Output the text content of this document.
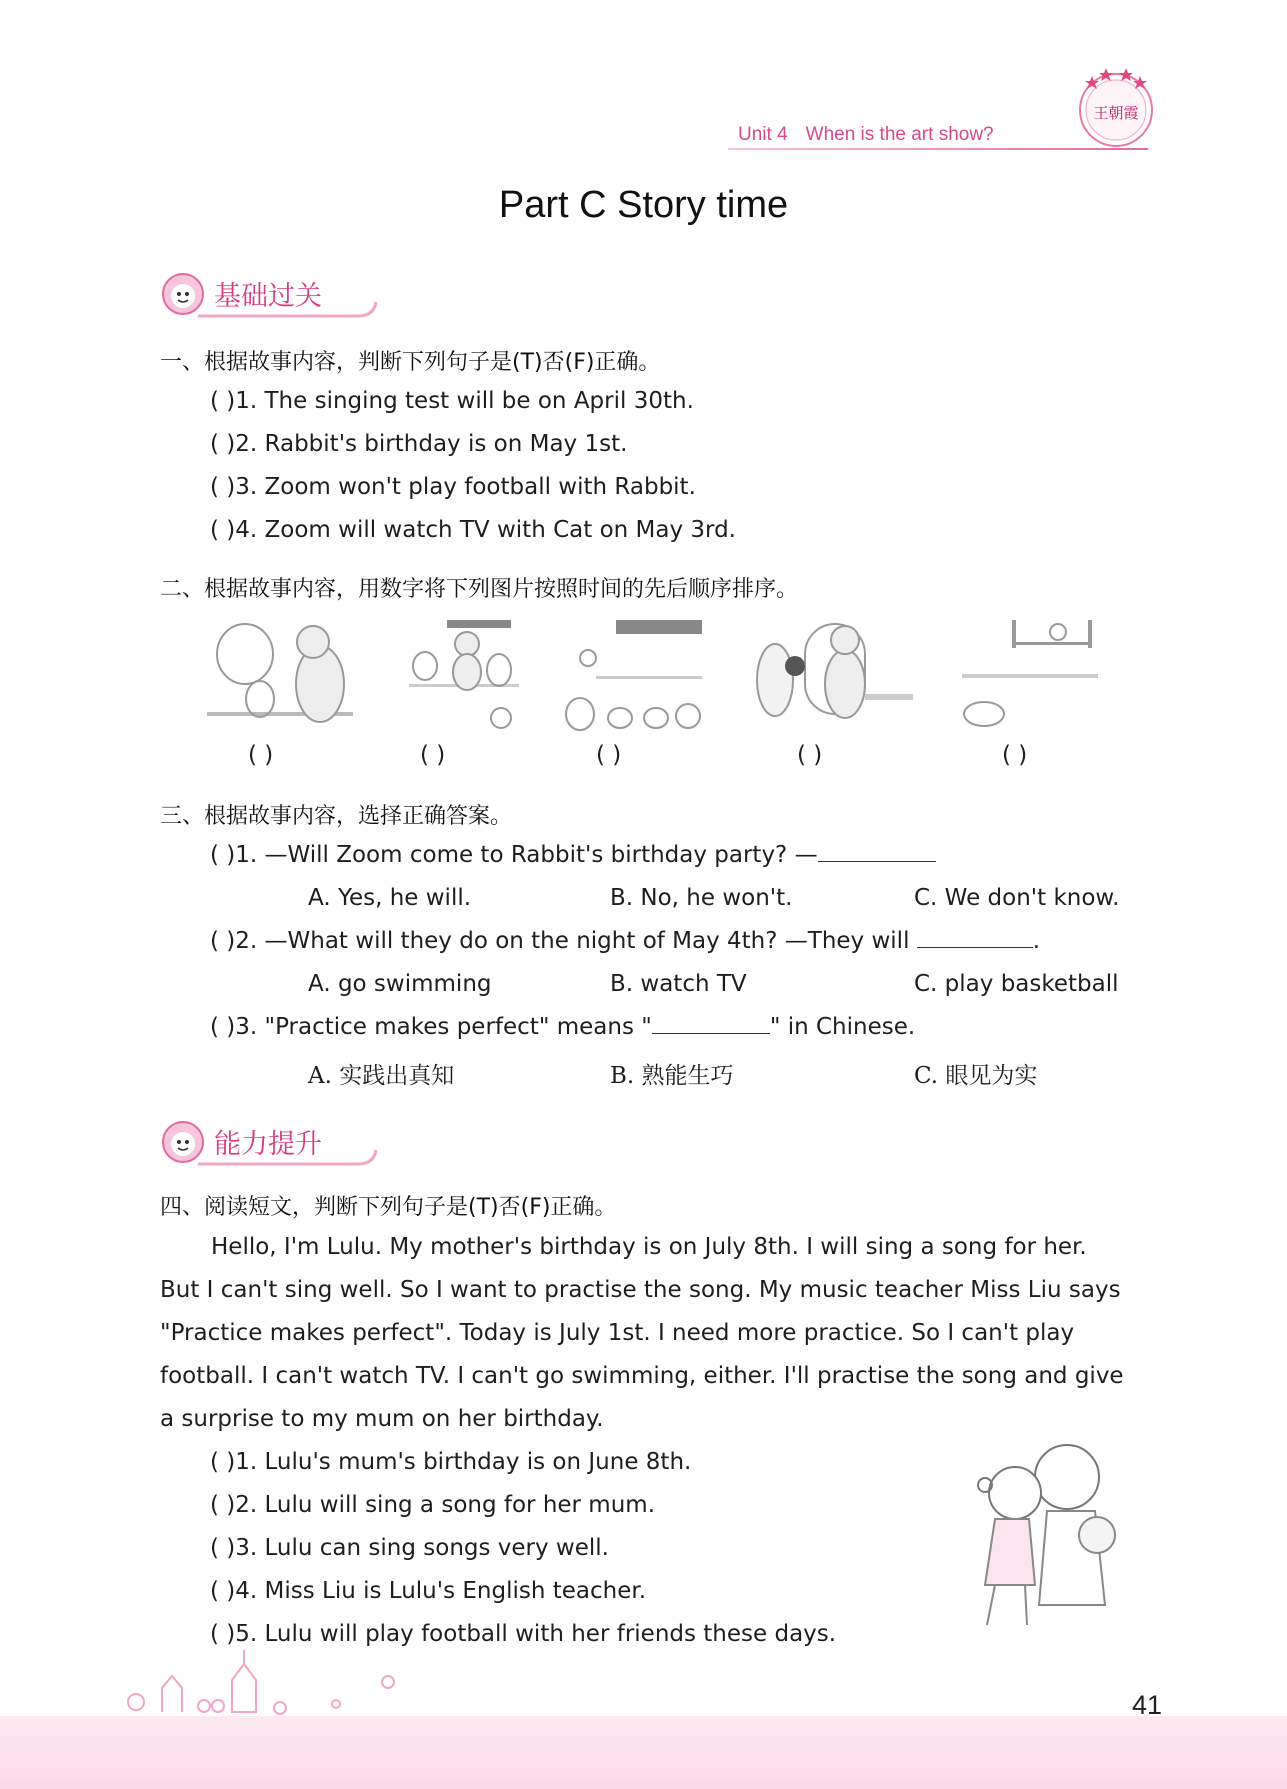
Unit 4 When is the art show?
王朝霞
Part C Story time
基础过关
一、根据故事内容，判断下列句子是(T)否(F)正确。
( )1. The singing test will be on April 30th.
( )2. Rabbit's birthday is on May 1st.
( )3. Zoom won't play football with Rabbit.
( )4. Zoom will watch TV with Cat on May 3rd.
二、根据故事内容，用数字将下列图片按照时间的先后顺序排序。
( )	( )	( )	( )	( )
三、根据故事内容，选择正确答案。
( )1. —Will Zoom come to Rabbit's birthday party? —
A. Yes, he will.	B. No, he won't.	C. We don't know.
( )2. —What will they do on the night of May 4th? —They will	.
A. go swimming	B. watch TV	C. play basketball
( )3. "Practice makes perfect" means "	" in Chinese.
A. 实践出真知	B. 熟能生巧	C. 眼见为实
能力提升
四、阅读短文，判断下列句子是(T)否(F)正确。
Hello, I'm Lulu. My mother's birthday is on July 8th. I will sing a song for her.
But I can't sing well. So I want to practise the song. My music teacher Miss Liu says
"Practice makes perfect". Today is July 1st. I need more practice. So I can't play
football. I can't watch TV. I can't go swimming, either. I'll practise the song and give
a surprise to my mum on her birthday.
( )1. Lulu's mum's birthday is on June 8th.
( )2. Lulu will sing a song for her mum.
( )3. Lulu can sing songs very well.
( )4. Miss Liu is Lulu's English teacher.
( )5. Lulu will play football with her friends these days.
41
